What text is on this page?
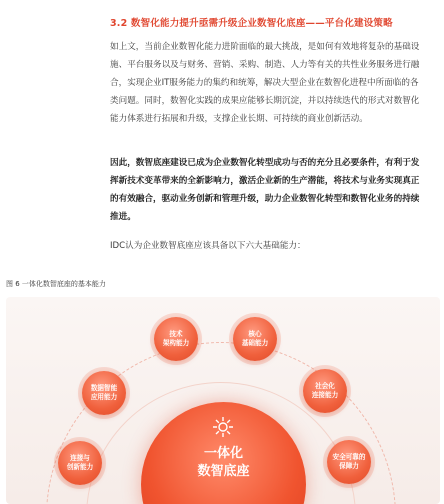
3.2 数智化能力提升亟需升级企业数智化底座——平台化建设策略

如上文，当前企业数智化能力进阶面临的最大挑战，是如何有效地将复杂的基础设施、平台服务以及与财务、营销、采购、制造、人力等有关的共性业务服务进行融合，实现企业IT服务能力的集约和统筹，解决大型企业在数智化进程中所面临的各类问题。同时，数智化实践的成果应能够长期沉淀，并以持续迭代的形式对数智化能力体系进行拓展和升级，支撑企业长期、可持续的商业创新活动。

因此，数智底座建设已成为企业数智化转型成功与否的充分且必要条件，有利于发挥新技术变革带来的全新影响力，激活企业新的生产潜能，将技术与业务实现真正的有效融合，驱动业务创新和管理升级，助力企业数智化转型和数智化业务的持续推进。

IDC认为企业数智底座应该具备以下六大基础能力：

图 6 一体化数智底座的基本能力
一体化
数智底座
技术
架构能力
核心
基础能力
数据智能
应用能力
社会化
连接能力
连接与
创新能力
安全可靠的
保障力
